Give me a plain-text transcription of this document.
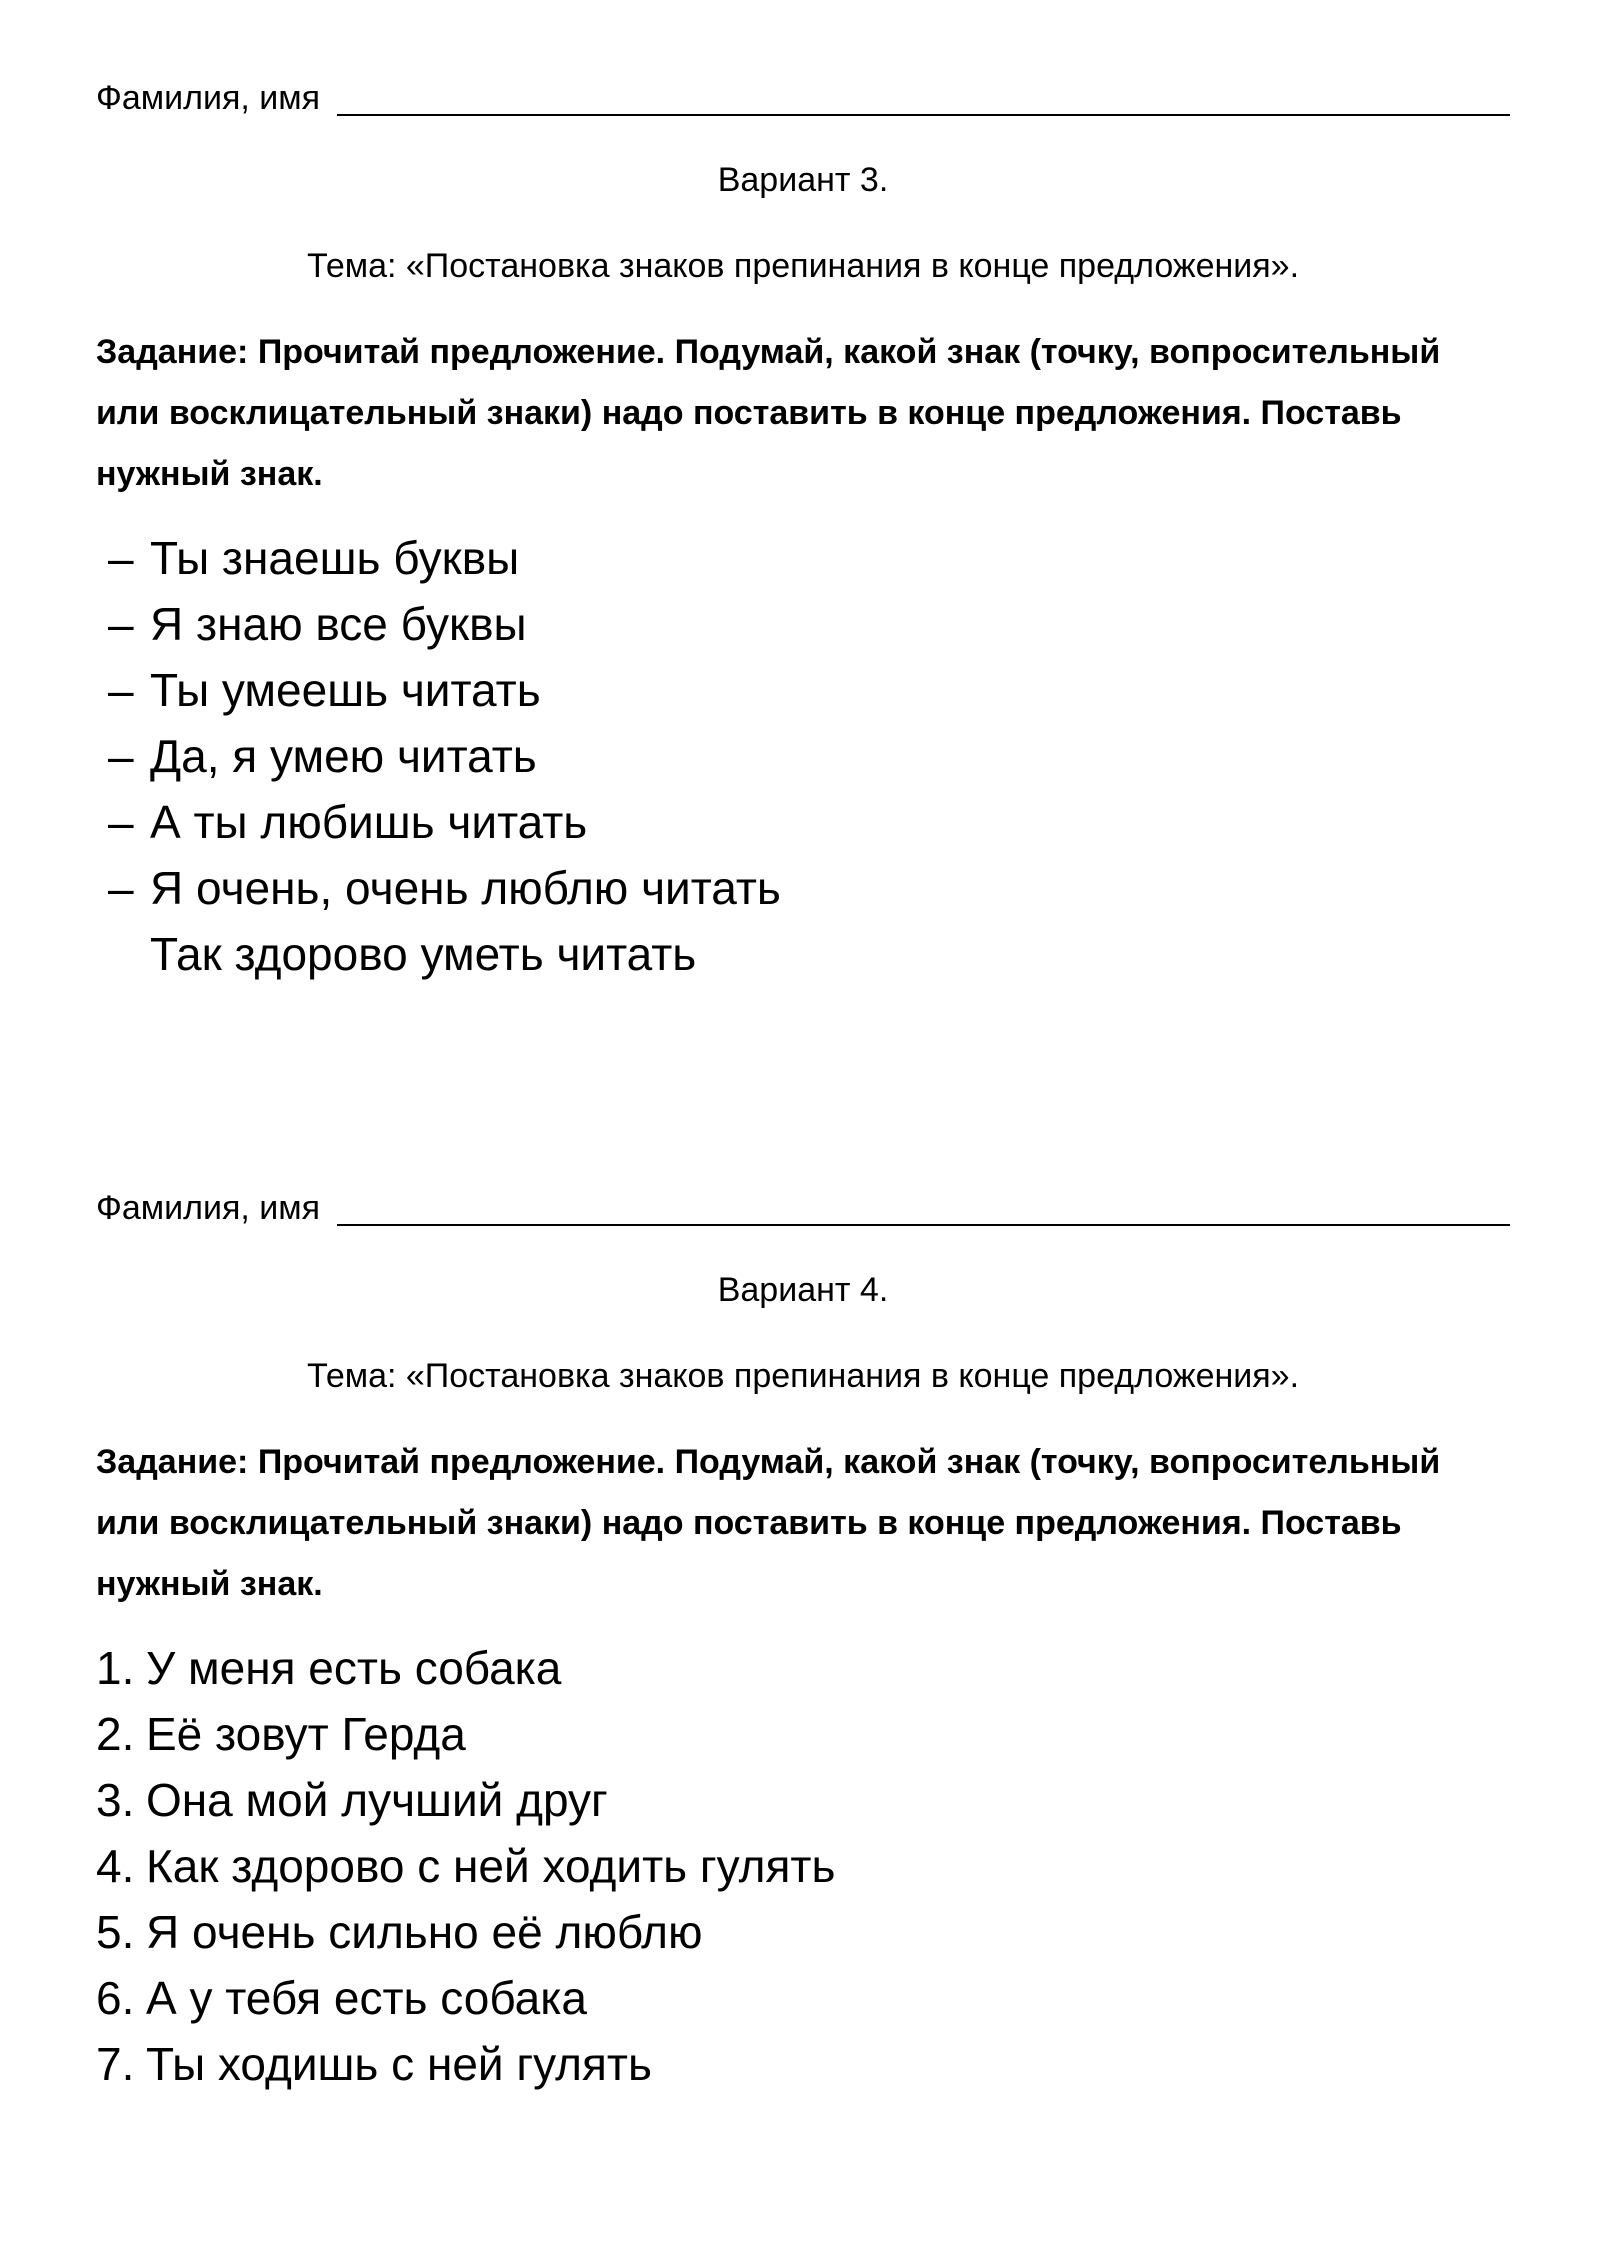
Фамилия, имя
Вариант 3.
Тема: «Постановка знаков препинания в конце предложения».
Задание: Прочитай предложение. Подумай, какой знак (точку, вопросительный или восклицательный знаки) надо поставить в конце предложения. Поставь нужный знак.
– Ты знаешь буквы
– Я знаю все буквы
– Ты умеешь читать
– Да, я умею читать
– А ты любишь читать
– Я очень, очень люблю читать
Так здорово уметь читать
Фамилия, имя
Вариант 4.
Тема: «Постановка знаков препинания в конце предложения».
Задание: Прочитай предложение. Подумай, какой знак (точку, вопросительный или восклицательный знаки) надо поставить в конце предложения. Поставь нужный знак.
1. У меня есть собака
2. Её зовут Герда
3. Она мой лучший друг
4. Как здорово с ней ходить гулять
5. Я очень сильно её люблю
6. А у тебя есть собака
7. Ты ходишь с ней гулять
